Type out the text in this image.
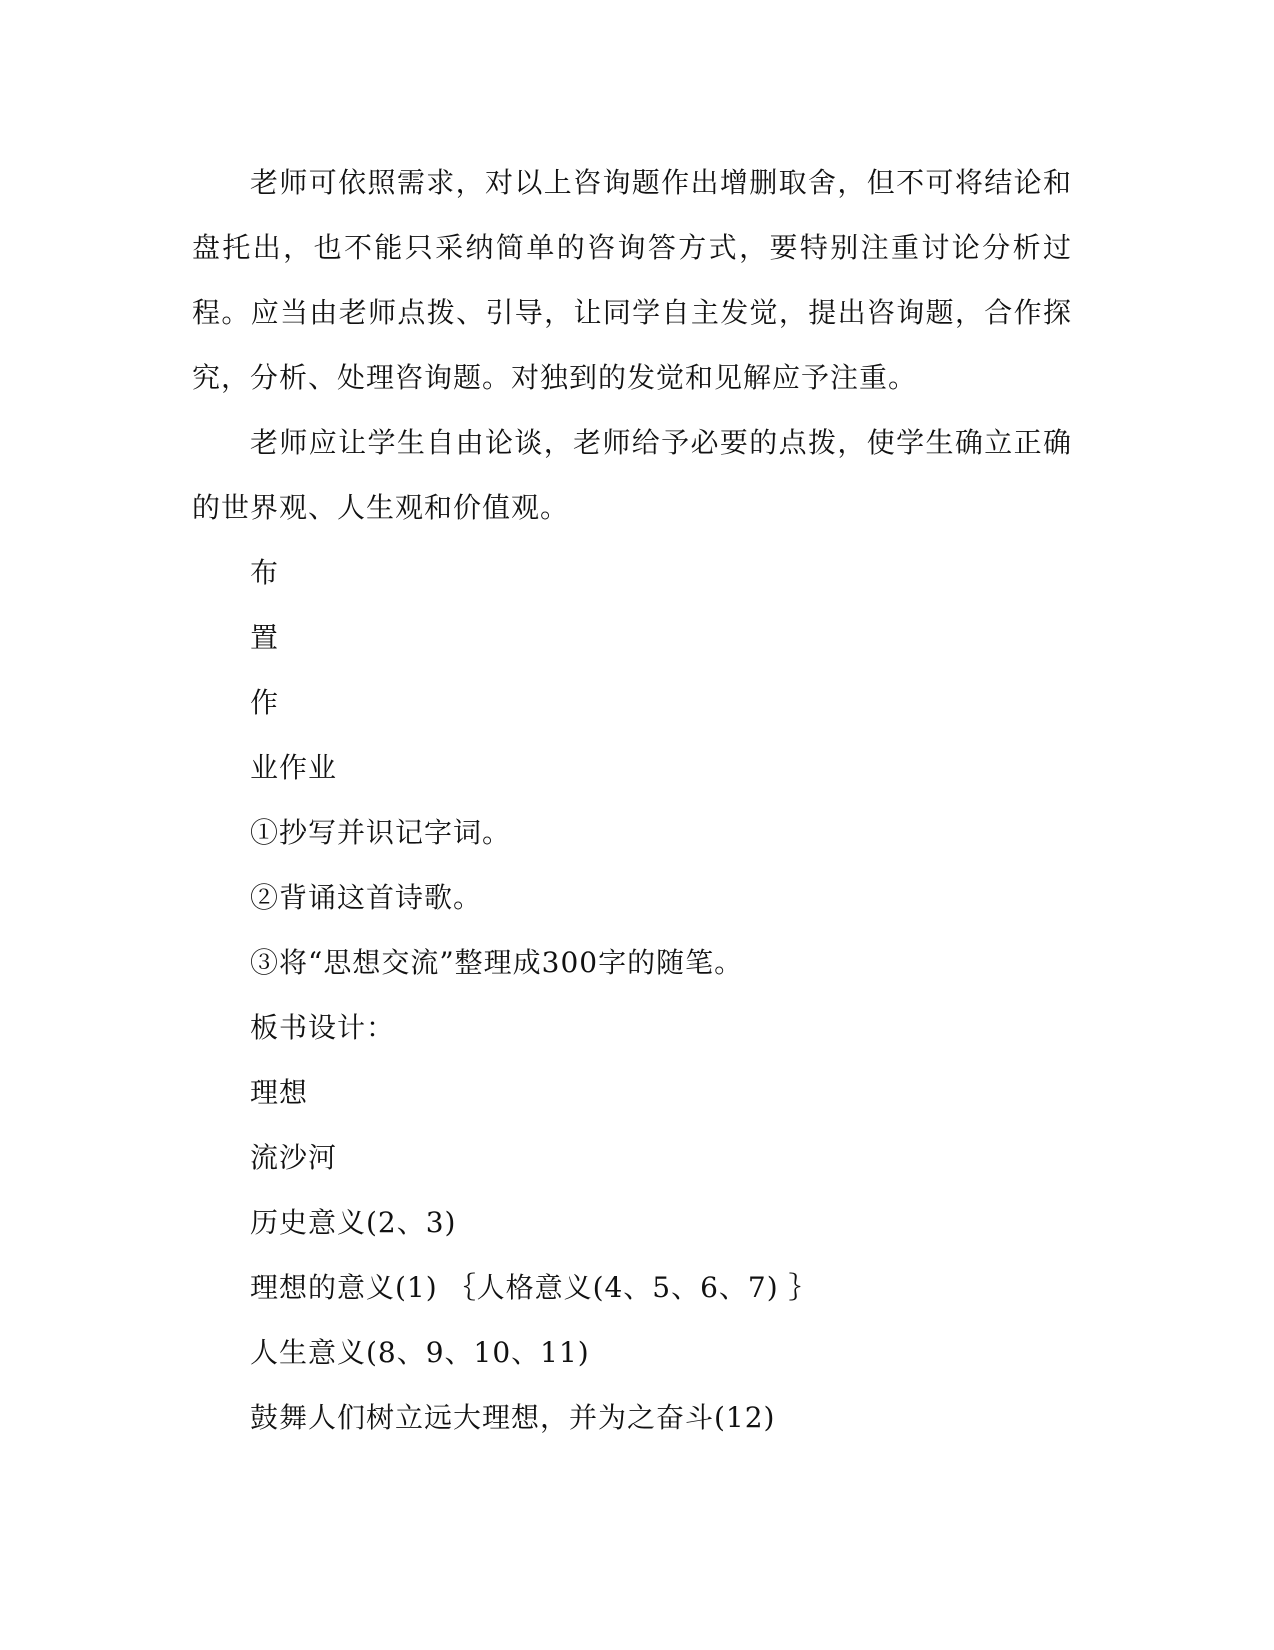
老师可依照需求，对以上咨询题作出增删取舍，但不可将结论和盘托出，也不能只采纳简单的咨询答方式，要特别注重讨论分析过程。应当由老师点拨、引导，让同学自主发觉，提出咨询题，合作探究，分析、处理咨询题。对独到的发觉和见解应予注重。

老师应让学生自由论谈，老师给予必要的点拨，使学生确立正确的世界观、人生观和价值观。

布

置

作

业作业

①抄写并识记字词。

②背诵这首诗歌。

③将“思想交流”整理成300字的随笔。

板书设计：

理想

流沙河

历史意义(2、3)

理想的意义(1) ｛人格意义(4、5、6、7) ｝

人生意义(8、9、10、11)

鼓舞人们树立远大理想，并为之奋斗(12)
